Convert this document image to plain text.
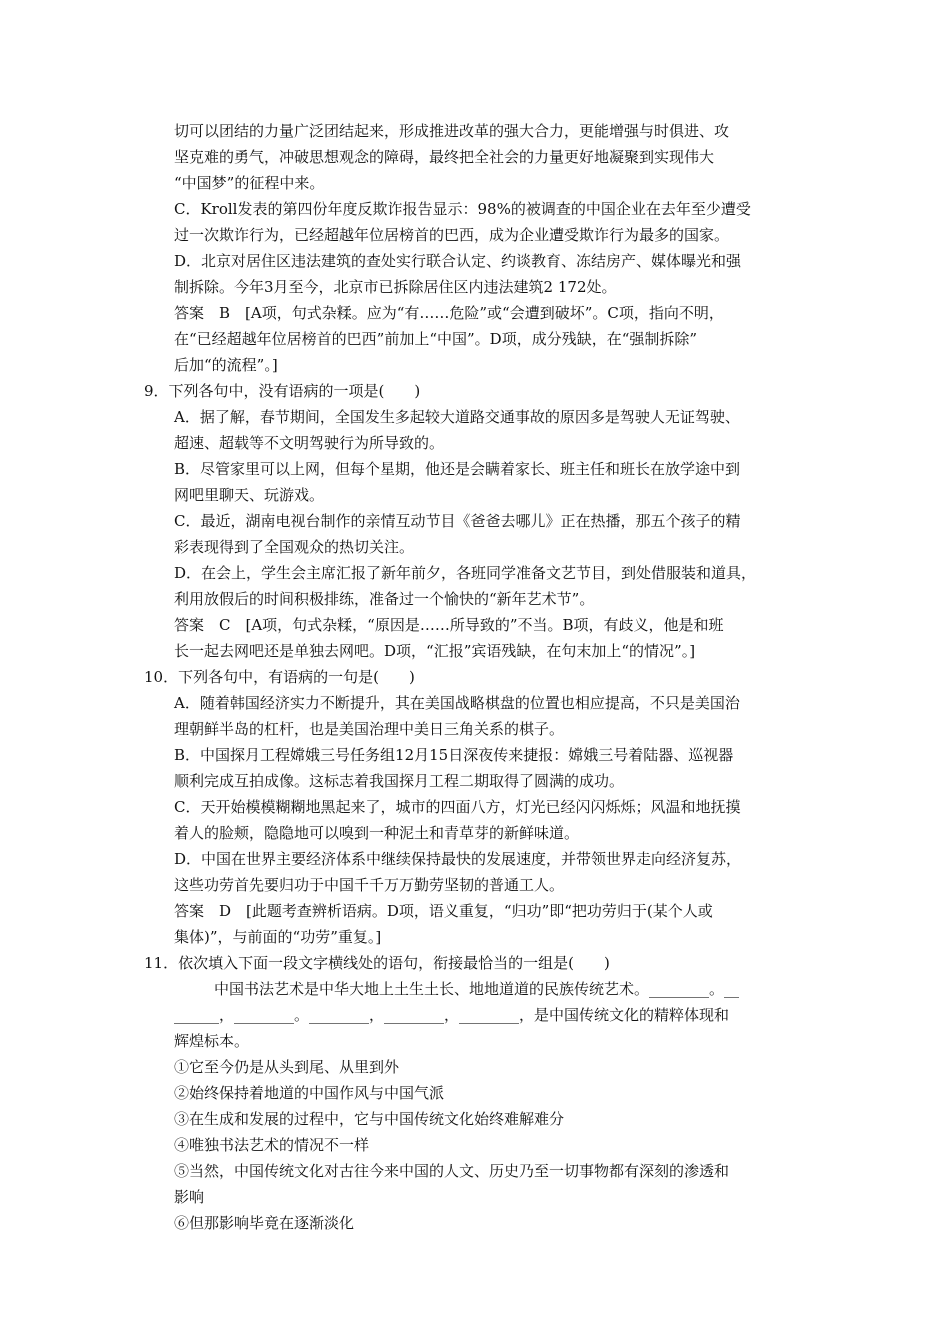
切可以团结的力量广泛团结起来，形成推进改革的强大合力，更能增强与时俱进、攻

坚克难的勇气，冲破思想观念的障碍，最终把全社会的力量更好地凝聚到实现伟大

“中国梦”的征程中来。

C．Kroll发表的第四份年度反欺诈报告显示：98%的被调查的中国企业在去年至少遭受

过一次欺诈行为，已经超越年位居榜首的巴西，成为企业遭受欺诈行为最多的国家。

D．北京对居住区违法建筑的查处实行联合认定、约谈教育、冻结房产、媒体曝光和强

制拆除。今年3月至今，北京市已拆除居住区内违法建筑2 172处。

答案　B　[A项，句式杂糅。应为“有……危险”或“会遭到破坏”。C项，指向不明，

在“已经超越年位居榜首的巴西”前加上“中国”。D项，成分残缺，在“强制拆除”

后加“的流程”。]

9．下列各句中，没有语病的一项是(　　)

A．据了解，春节期间，全国发生多起较大道路交通事故的原因多是驾驶人无证驾驶、

超速、超载等不文明驾驶行为所导致的。

B．尽管家里可以上网，但每个星期，他还是会瞒着家长、班主任和班长在放学途中到

网吧里聊天、玩游戏。

C．最近，湖南电视台制作的亲情互动节目《爸爸去哪儿》正在热播，那五个孩子的精

彩表现得到了全国观众的热切关注。

D．在会上，学生会主席汇报了新年前夕，各班同学准备文艺节目，到处借服装和道具，

利用放假后的时间积极排练，准备过一个愉快的“新年艺术节”。

答案　C　[A项，句式杂糅，“原因是……所导致的”不当。B项，有歧义，他是和班

长一起去网吧还是单独去网吧。D项，“汇报”宾语残缺，在句末加上“的情况”。]

10．下列各句中，有语病的一句是(　　)

A．随着韩国经济实力不断提升，其在美国战略棋盘的位置也相应提高，不只是美国治

理朝鲜半岛的杠杆，也是美国治理中美日三角关系的棋子。

B．中国探月工程嫦娥三号任务组12月15日深夜传来捷报：嫦娥三号着陆器、巡视器

顺利完成互拍成像。这标志着我国探月工程二期取得了圆满的成功。

C．天开始模模糊糊地黑起来了，城市的四面八方，灯光已经闪闪烁烁；风温和地抚摸

着人的脸颊，隐隐地可以嗅到一种泥土和青草芽的新鲜味道。

D．中国在世界主要经济体系中继续保持最快的发展速度，并带领世界走向经济复苏，

这些功劳首先要归功于中国千千万万勤劳坚韧的普通工人。

答案　D　[此题考查辨析语病。D项，语义重复，“归功”即“把功劳归于(某个人或

集体)”，与前面的“功劳”重复。]

11．依次填入下面一段文字横线处的语句，衔接最恰当的一组是(　　)

中国书法艺术是中华大地上土生土长、地地道道的民族传统艺术。________。__

______，________。________，________，________，是中国传统文化的精粹体现和

辉煌标本。

①它至今仍是从头到尾、从里到外

②始终保持着地道的中国作风与中国气派

③在生成和发展的过程中，它与中国传统文化始终难解难分

④唯独书法艺术的情况不一样

⑤当然，中国传统文化对古往今来中国的人文、历史乃至一切事物都有深刻的渗透和

影响

⑥但那影响毕竟在逐渐淡化
